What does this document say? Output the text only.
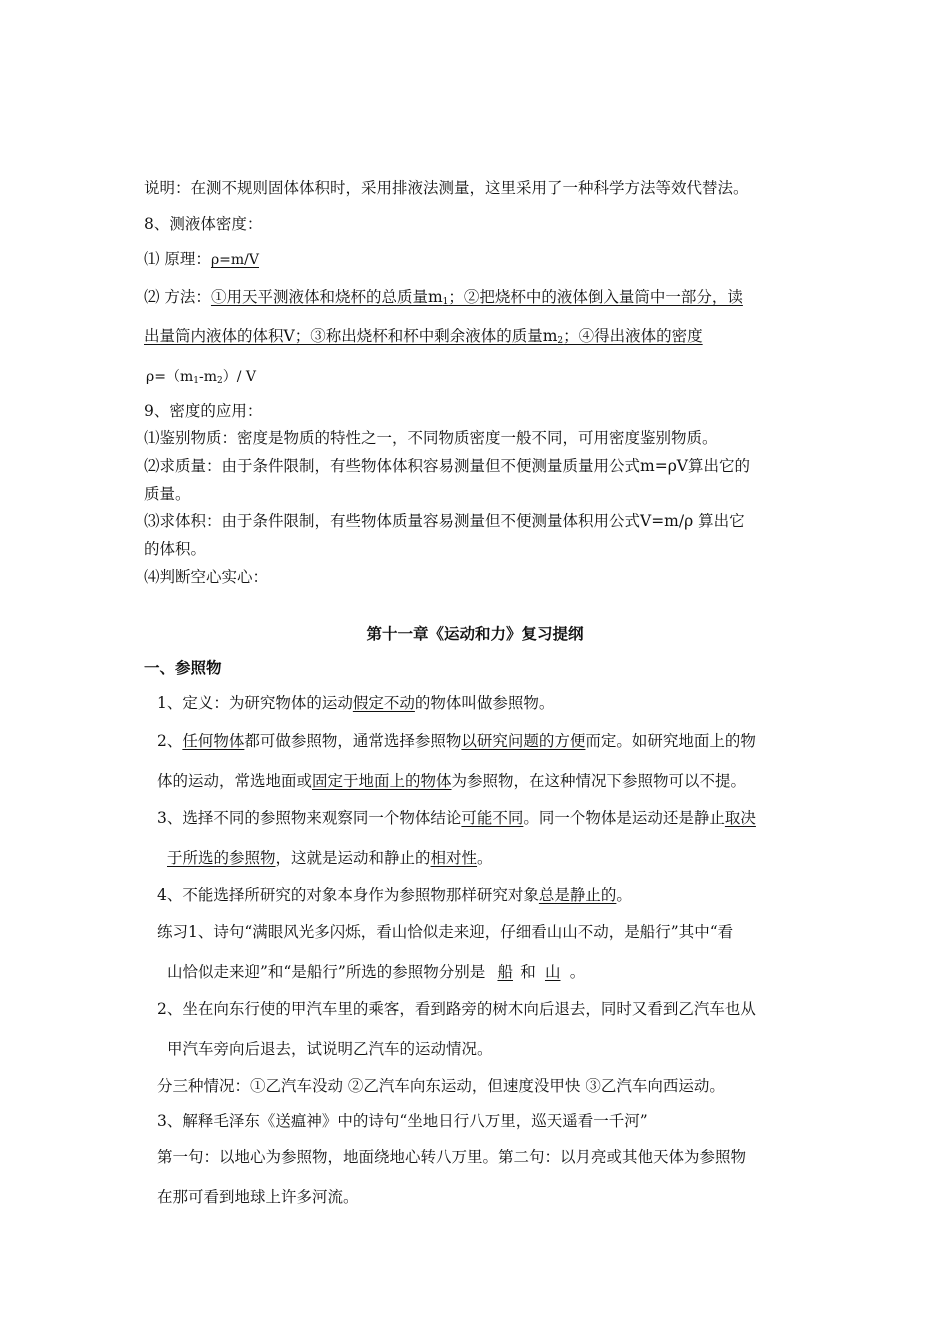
说明：在测不规则固体体积时，采用排液法测量，这里采用了一种科学方法等效代替法。
8、测液体密度：
⑴ 原理：ρ=m/V
⑵ 方法：①用天平测液体和烧杯的总质量$m_1$；②把烧杯中的液体倒入量筒中一部分，读
出量筒内液体的体积V；③称出烧杯和杯中剩余液体的质量$m_2$；④得出液体的密度
$\rho=(m_1-m_2)/$ V
9、密度的应用：
⑴鉴别物质：密度是物质的特性之一，不同物质密度一般不同，可用密度鉴别物质。
⑵求质量：由于条件限制，有些物体体积容易测量但不便测量质量用公式m=ρV算出它的
质量。
⑶求体积：由于条件限制，有些物体质量容易测量但不便测量体积用公式V=m/ρ 算出它
的体积。
⑷判断空心实心：
第十一章《运动和力》复习提纲
一、参照物
1、定义：为研究物体的运动假定不动的物体叫做参照物。
2、任何物体都可做参照物，通常选择参照物以研究问题的方便而定。如研究地面上的物
体的运动，常选地面或固定于地面上的物体为参照物，在这种情况下参照物可以不提。
3、选择不同的参照物来观察同一个物体结论可能不同。同一个物体是运动还是静止取决
于所选的参照物，这就是运动和静止的相对性。
4、不能选择所研究的对象本身作为参照物那样研究对象总是静止的。
练习1、诗句“满眼风光多闪烁，看山恰似走来迎，仔细看山山不动，是船行”其中“看
山恰似走来迎”和“是船行”所选的参照物分别是 船 和 山 。
2、坐在向东行使的甲汽车里的乘客，看到路旁的树木向后退去，同时又看到乙汽车也从
甲汽车旁向后退去，试说明乙汽车的运动情况。
分三种情况：①乙汽车没动 ②乙汽车向东运动，但速度没甲快 ③乙汽车向西运动。
3、解释毛泽东《送瘟神》中的诗句“坐地日行八万里，巡天遥看一千河”
第一句：以地心为参照物，地面绕地心转八万里。第二句：以月亮或其他天体为参照物
在那可看到地球上许多河流。
